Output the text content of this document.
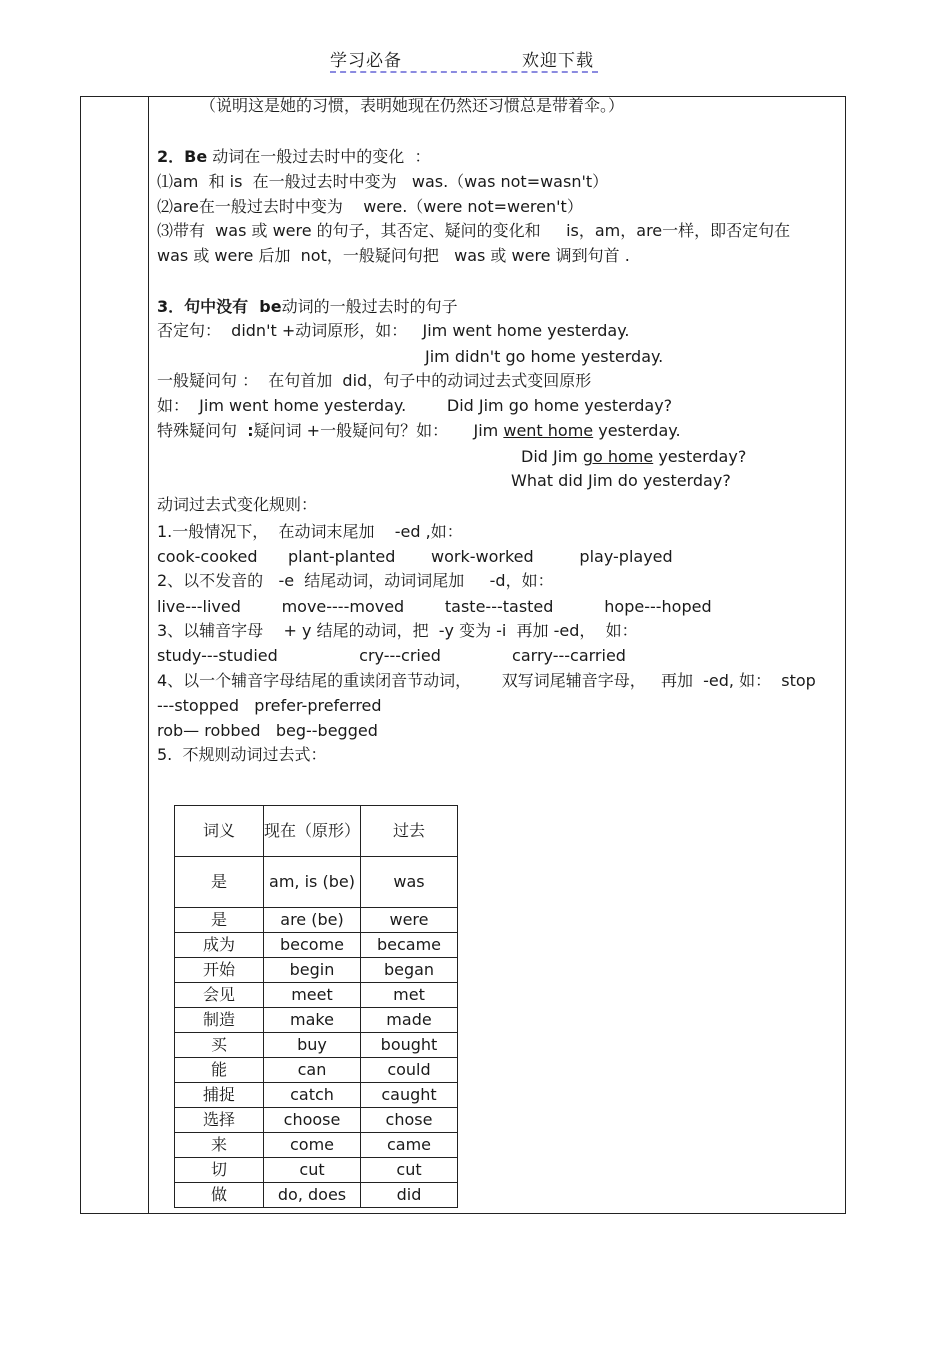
学习必备	欢迎下载
（说明这是她的习惯，表明她现在仍然还习惯总是带着伞。）
2．Be 动词在一般过去时中的变化  ：
⑴am  和 is  在一般过去时中变为   was.（was not=wasn't）
⑵are在一般过去时中变为    were.（were not=weren't）
⑶带有  was 或 were 的句子，其否定、疑问的变化和     is，am，are一样，即否定句在
was 或 were 后加  not，一般疑问句把   was 或 were 调到句首 .
3．句中没有  be动词的一般过去时的句子
否定句：  didn't +动词原形，如：   Jim went home yesterday.
Jim didn't go home yesterday.
一般疑问句 ：  在句首加  did，句子中的动词过去式变回原形
如：  Jim went home yesterday.        Did Jim go home yesterday?
特殊疑问句  :疑问词 +一般疑问句？如：     Jim went home yesterday.
Did Jim go home yesterday?
What did Jim do yesterday?
动词过去式变化规则：
1.一般情况下，  在动词末尾加    -ed ,如：
cook-cooked      plant-planted       work-worked         play-played
2、以不发音的   -e  结尾动词，动词词尾加     -d，如：
live---lived        move----moved        taste---tasted          hope---hoped
3、以辅音字母    + y 结尾的动词，把  -y 变为 -i  再加 -ed，  如：
study---studied                cry---cried              carry---carried
4、以一个辅音字母结尾的重读闭音节动词，      双写词尾辅音字母，   再加  -ed, 如：  stop
---stopped   prefer-preferred
rob— robbed   beg--begged
5.  不规则动词过去式：
词义	现在（原形）	过去
是	am, is (be)	was
是	are (be)	were
成为	become	became
开始	begin	began
会见	meet	met
制造	make	made
买	buy	bought
能	can	could
捕捉	catch	caught
选择	choose	chose
来	come	came
切	cut	cut
做	do, does	did
